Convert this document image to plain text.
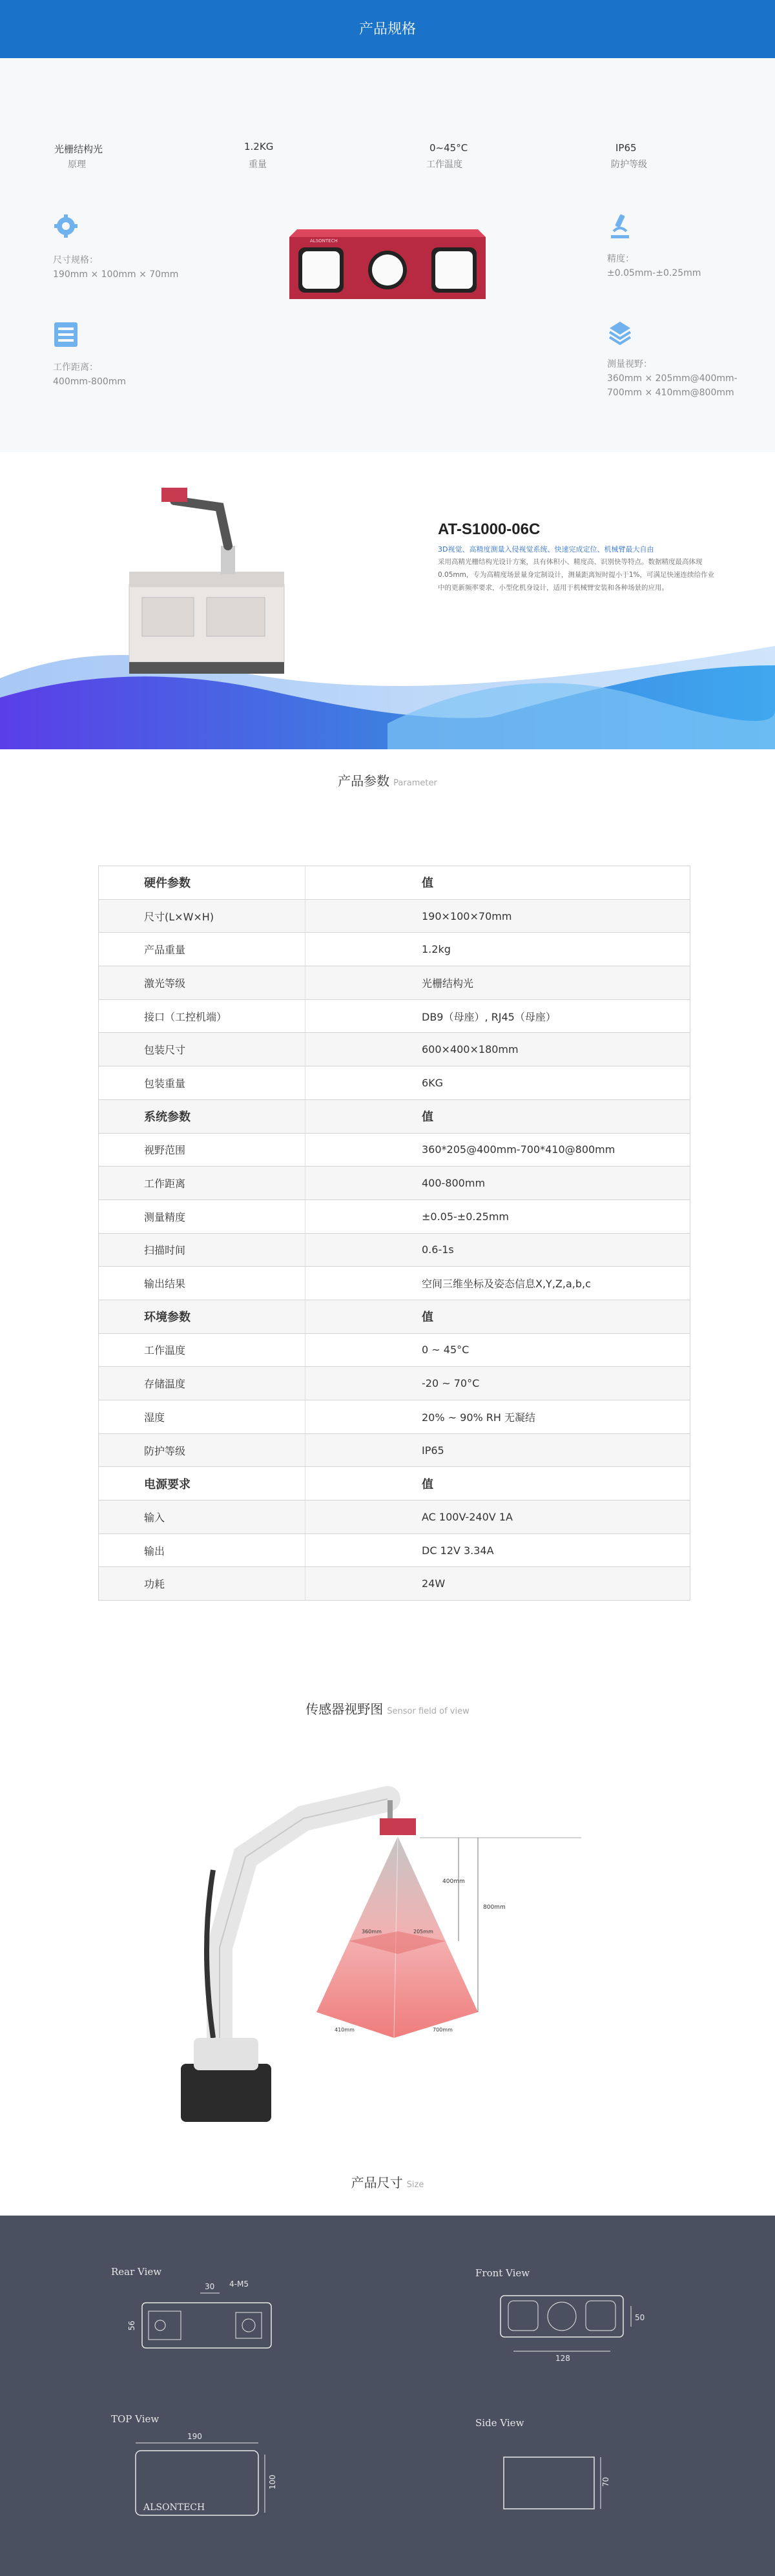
产品规格
光栅结构光
原理
1.2KG
重量
0~45°C
工作温度
IP65
防护等级
尺寸规格：
190mm × 100mm × 70mm
工作距离：
400mm-800mm
ALSONTECH
精度：
±0.05mm-±0.25mm
测量视野：
360mm × 205mm@400mm-
700mm × 410mm@800mm
AT-S1000-06C
3D视觉、高精度测量入侵视觉系统、快速完成定位、机械臂最大自由
采用高精光栅结构光设计方案，具有体积小、精度高、识别快等特点。数据精度最高体现0.05mm，专为高精度场景量身定制设计，测量距离短时提小于1%，可满足快速连续给作业中的更新频率要求，小型化机身设计，适用于机械臂安装和各种场景的应用。
产品参数 Parameter
硬件参数	值
尺寸(L×W×H)	190×100×70mm
产品重量	1.2kg
激光等级	光栅结构光
接口（工控机端）	DB9（母座）, RJ45（母座）
包装尺寸	600×400×180mm
包装重量	6KG
系统参数	值
视野范围	360*205@400mm-700*410@800mm
工作距离	400-800mm
测量精度	±0.05-±0.25mm
扫描时间	0.6-1s
输出结果	空间三维坐标及姿态信息X,Y,Z,a,b,c
环境参数	值
工作温度	0 ~ 45°C
存储温度	-20 ~ 70°C
湿度	20% ~ 90% RH 无凝结
防护等级	IP65
电源要求	值
输入	AC 100V-240V 1A
输出	DC 12V 3.34A
功耗	24W
传感器视野图 Sensor field of view
400mm
800mm
360mm	205mm
410mm	700mm
产品尺寸 Size
Rear View	Front View
TOP View	Side View
30 4-M5
56
128
50
190
ALSONTECH
100	70
